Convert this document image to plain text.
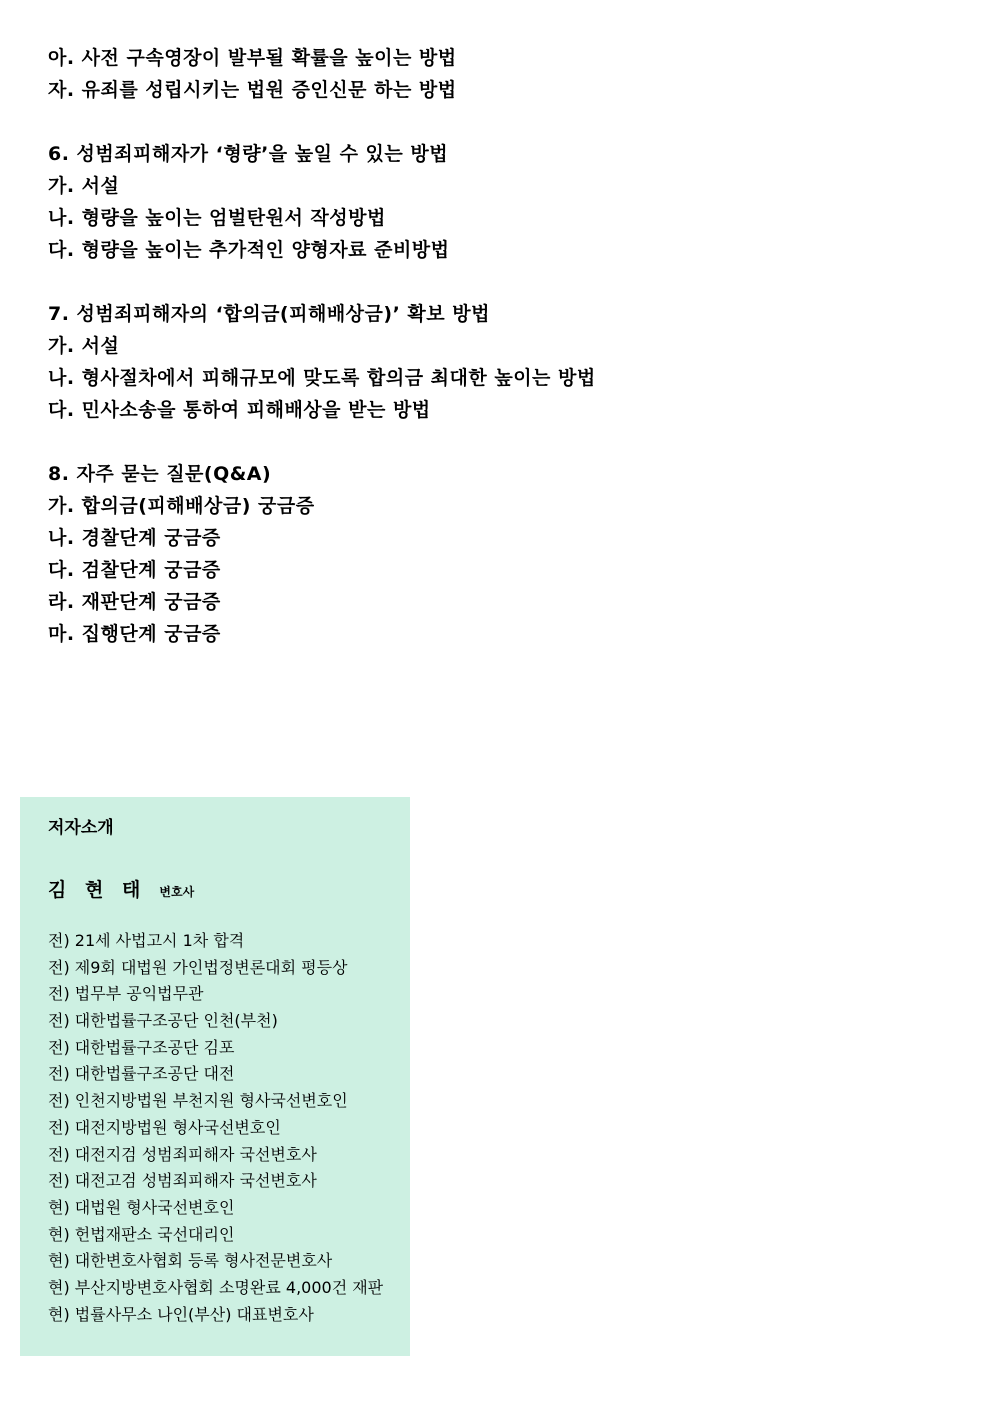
아. 사전 구속영장이 발부될 확률을 높이는 방법
자. 유죄를 성립시키는 법원 증인신문 하는 방법
6. 성범죄피해자가 ‘형량’을 높일 수 있는 방법
가. 서설
나. 형량을 높이는 엄벌탄원서 작성방법
다. 형량을 높이는 추가적인 양형자료 준비방법
7. 성범죄피해자의 ‘합의금(피해배상금)’ 확보 방법
가. 서설
나. 형사절차에서 피해규모에 맞도록 합의금 최대한 높이는 방법
다. 민사소송을 통하여 피해배상을 받는 방법
8. 자주 묻는 질문(Q&A)
가. 합의금(피해배상금) 궁금증
나. 경찰단계 궁금증
다. 검찰단계 궁금증
라. 재판단계 궁금증
마. 집행단계 궁금증
저자소개
김 현 태 변호사
전) 21세 사법고시 1차 합격
전) 제9회 대법원 가인법정변론대회 평등상
전) 법무부 공익법무관
전) 대한법률구조공단 인천(부천)
전) 대한법률구조공단 김포
전) 대한법률구조공단 대전
전) 인천지방법원 부천지원 형사국선변호인
전) 대전지방법원 형사국선변호인
전) 대전지검 성범죄피해자 국선변호사
전) 대전고검 성범죄피해자 국선변호사
현) 대법원 형사국선변호인
현) 헌법재판소 국선대리인
현) 대한변호사협회 등록 형사전문변호사
현) 부산지방변호사협회 소명완료 4,000건 재판
현) 법률사무소 나인(부산) 대표변호사
